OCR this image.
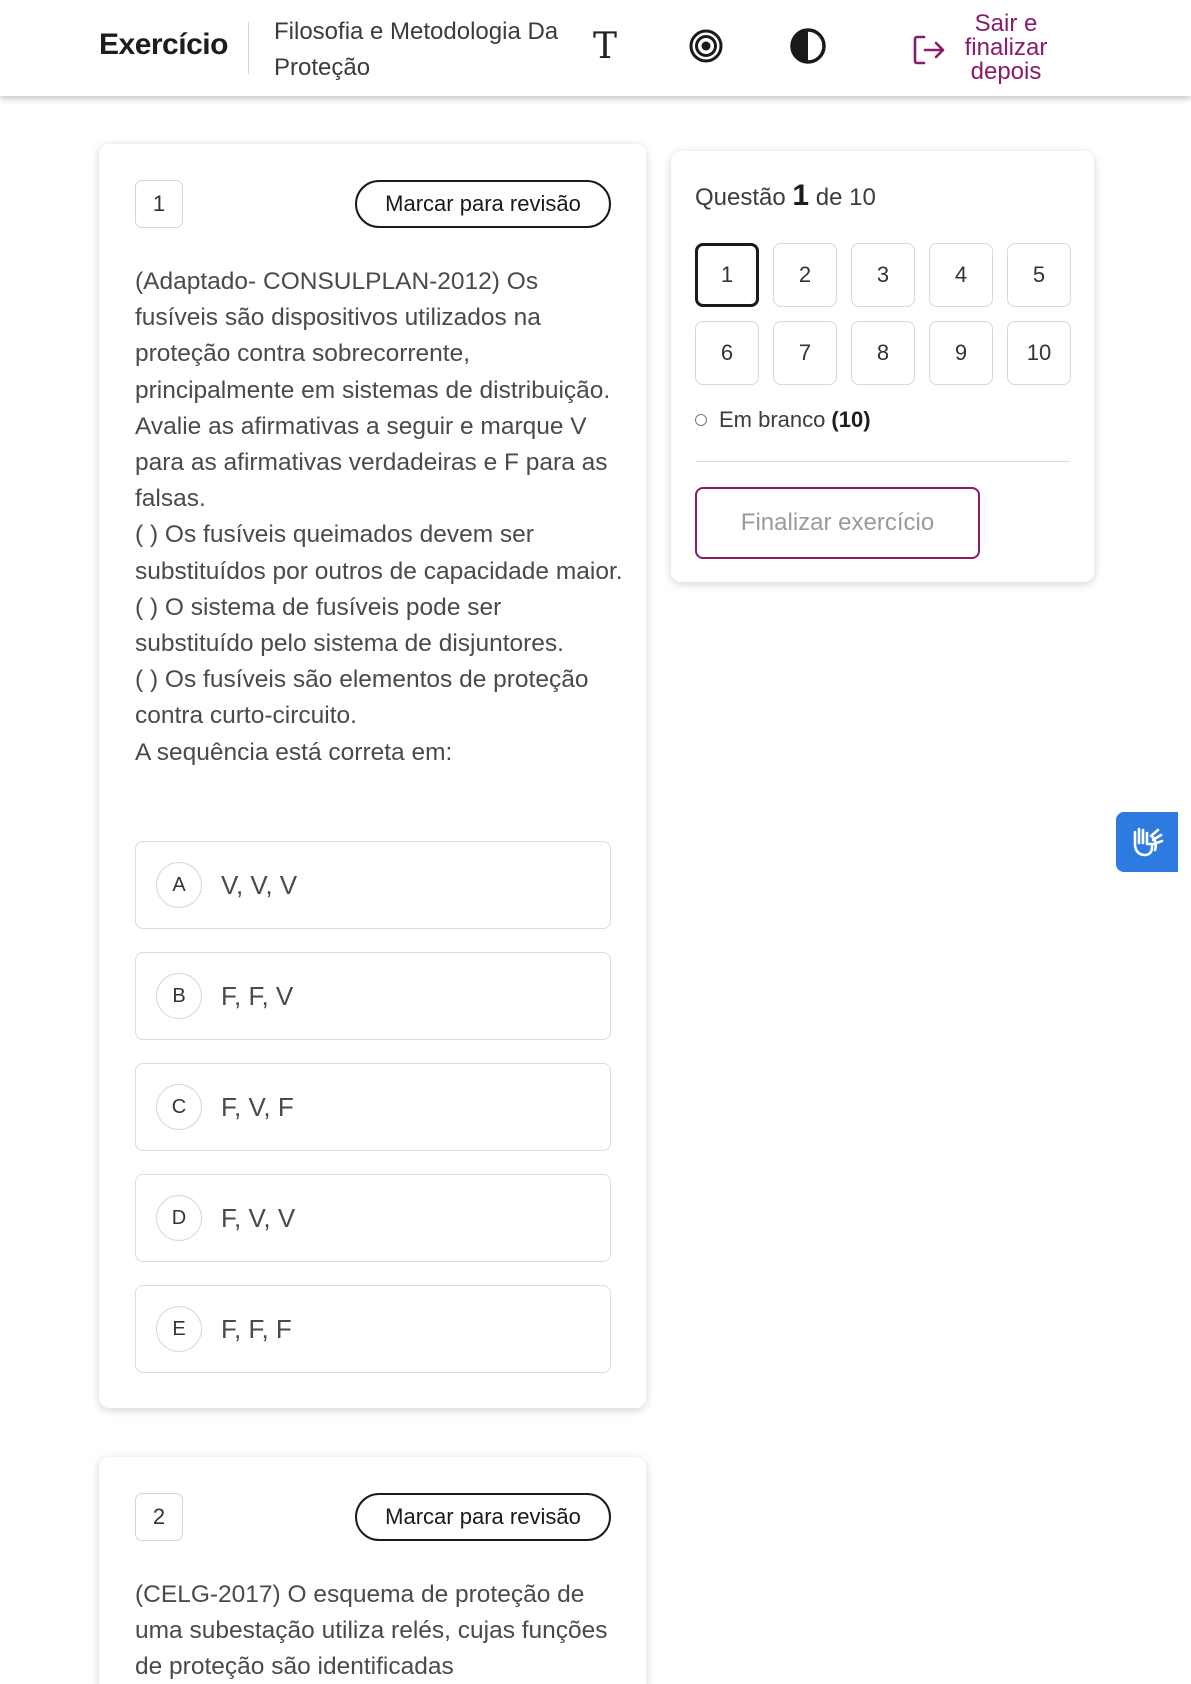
Exercício Filosofia e Metodologia Da Proteção
T
Sair e
finalizar
depois
1	Marcar para revisão

(Adaptado- CONSULPLAN-2012) Os fusíveis são dispositivos utilizados na proteção contra sobrecorrente, principalmente em sistemas de distribuição. Avalie as afirmativas a seguir e marque V para as afirmativas verdadeiras e F para as falsas.

( ) Os fusíveis queimados devem ser substituídos por outros de capacidade maior.

( ) O sistema de fusíveis pode ser substituído pelo sistema de disjuntores.

( ) Os fusíveis são elementos de proteção contra curto-circuito.

A sequência está correta em:

A	V, V, V
B	F, F, V
C	F, V, F
D	F, V, V
E	F, F, F
2	Marcar para revisão

(CELG-2017) O esquema de proteção de uma subestação utiliza relés, cujas funções de proteção são identificadas

Questão 1 de 10
1	2	3	4	5
6	7	8	9	10
Em branco (10)
Finalizar exercício
